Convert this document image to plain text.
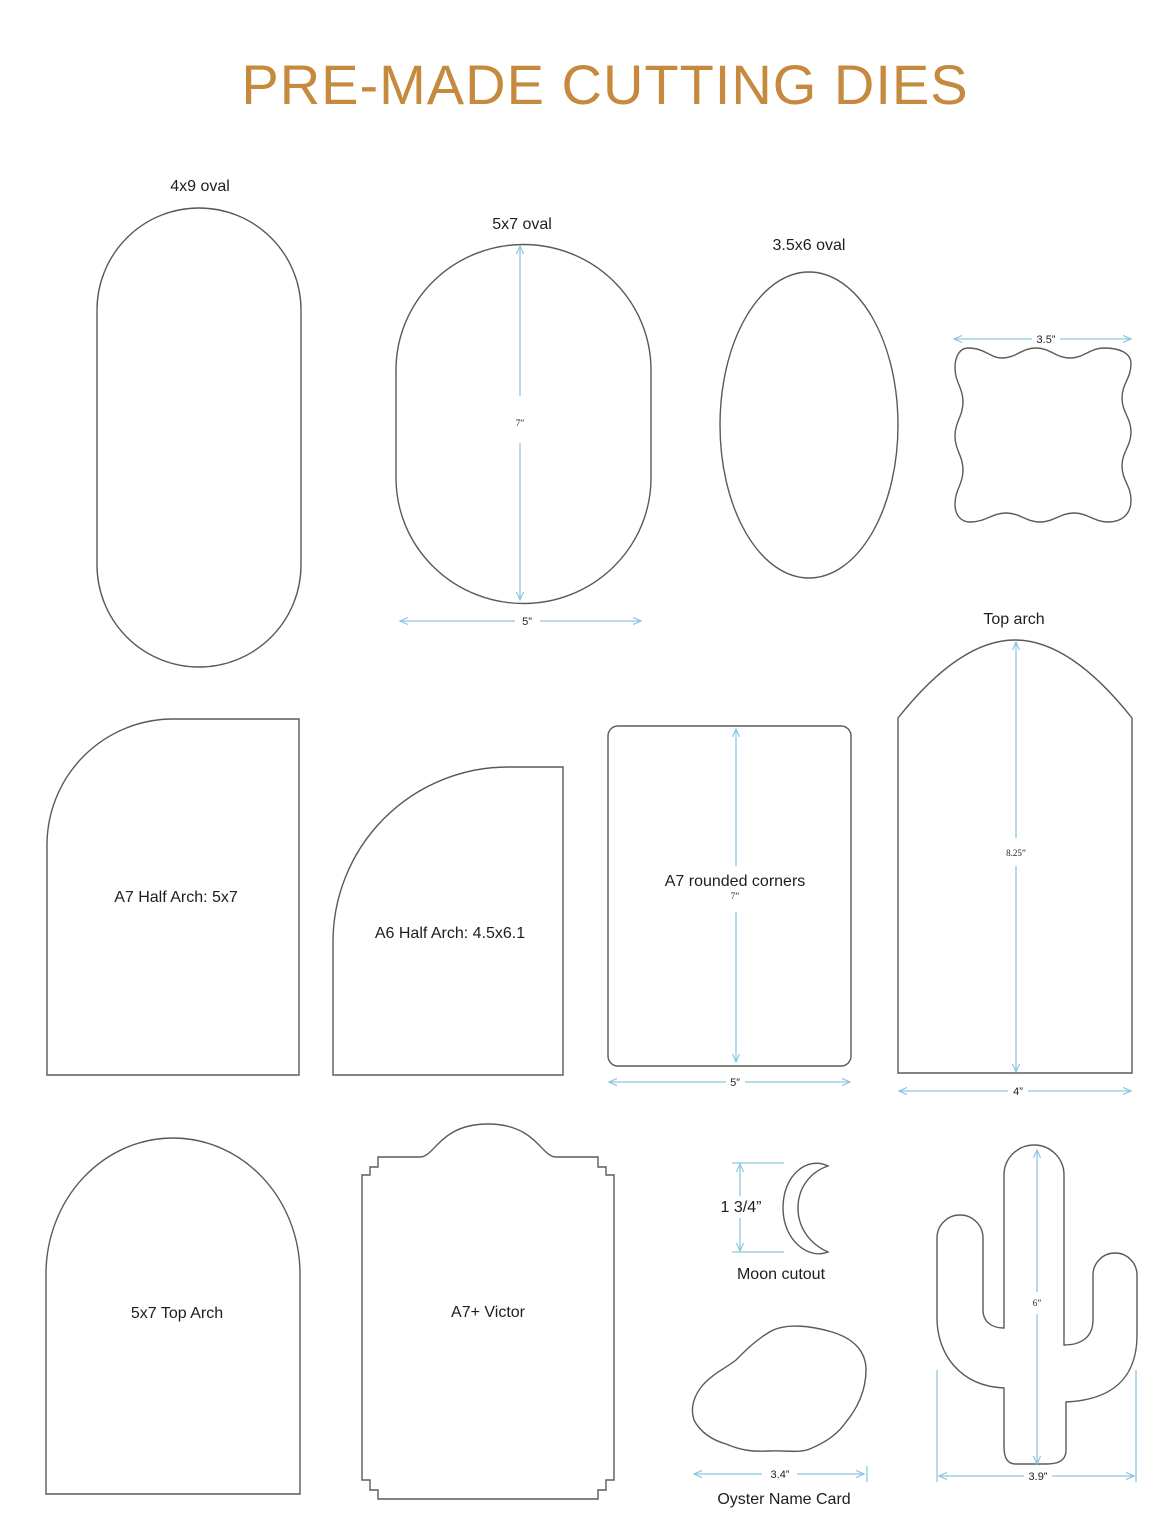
PRE-MADE CUTTING DIES
4x9 oval
5x7 oval
7”
5”
3.5x6 oval
3.5”
Top arch
8.25”
4”
A7 Half Arch: 5x7
A6 Half Arch: 4.5x6.1
A7 rounded corners
7”
5”
5x7 Top Arch	A7+ Victor
1 3/4”
Moon cutout
3.4”
Oyster Name Card
6”
3.9”
